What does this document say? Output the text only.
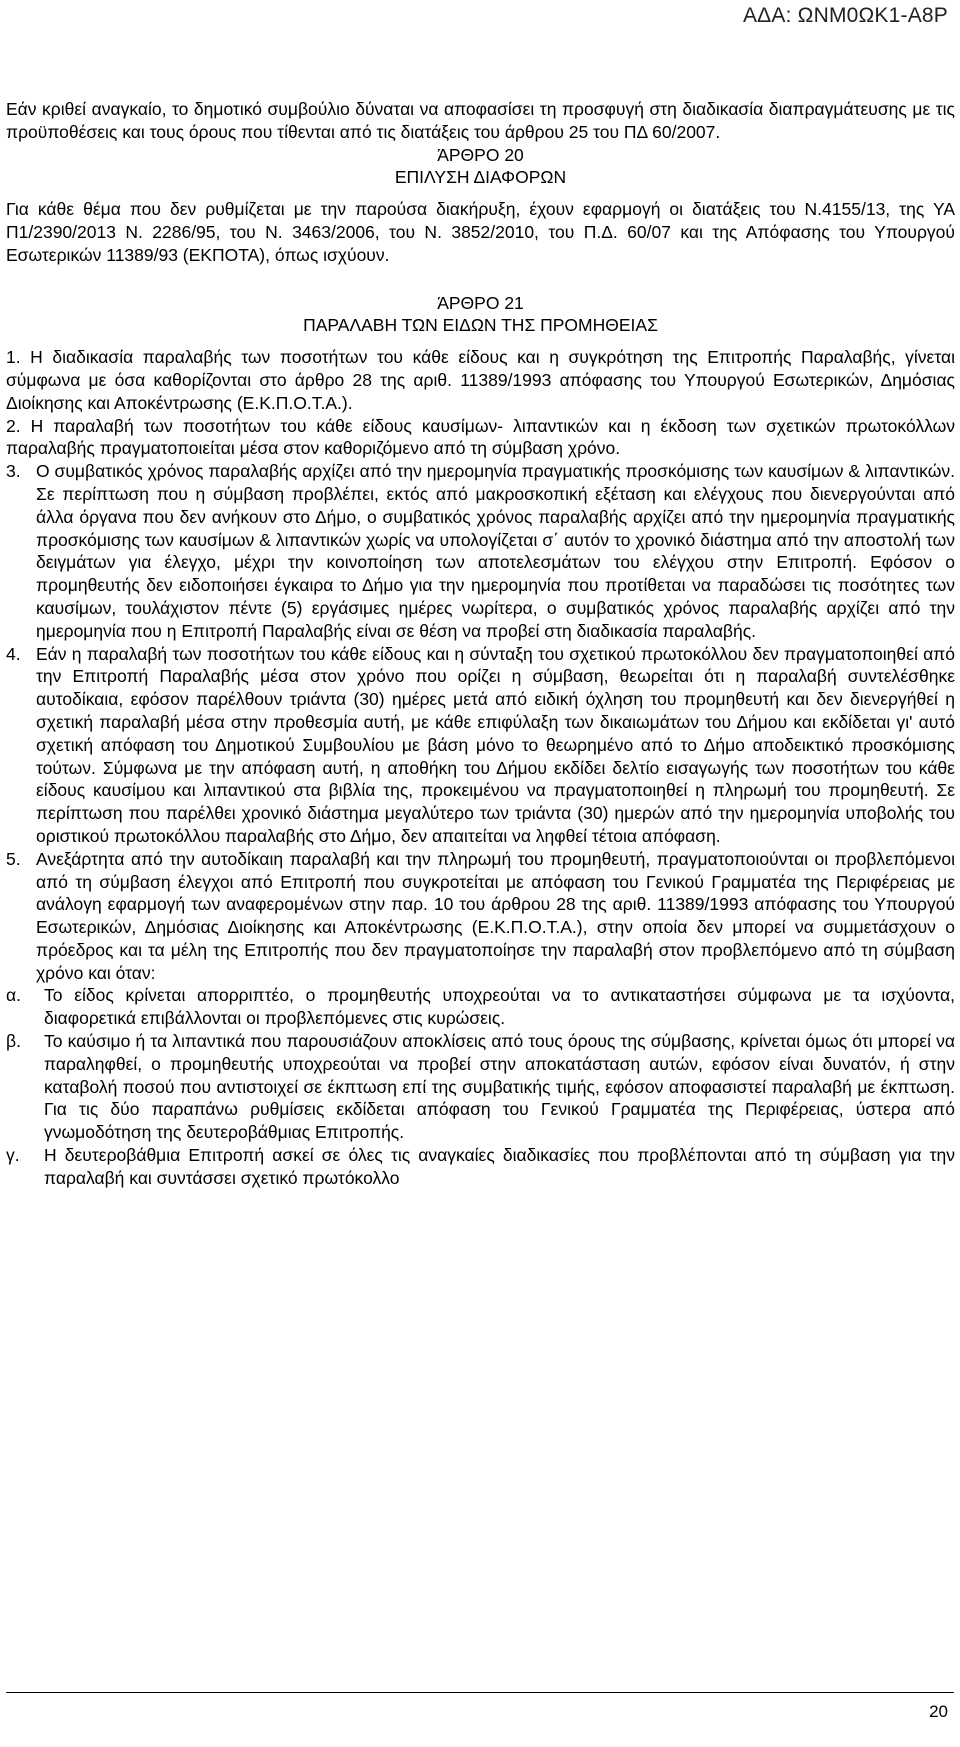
ΑΔΑ: ΩΝΜ0ΩΚ1-Α8Ρ

Εάν κριθεί αναγκαίο, το δημοτικό συμβούλιο δύναται να αποφασίσει τη προσφυγή στη διαδικασία διαπραγμάτευσης με τις προϋποθέσεις και τους όρους που τίθενται από τις διατάξεις του άρθρου 25 του ΠΔ 60/2007.

ΆΡΘΡΟ 20

ΕΠΙΛΥΣΗ ΔΙΑΦΟΡΩΝ

Για κάθε θέμα που δεν ρυθμίζεται με την παρούσα διακήρυξη, έχουν εφαρμογή οι διατάξεις του Ν.4155/13, της ΥΑ Π1/2390/2013 Ν. 2286/95, του Ν. 3463/2006, του Ν. 3852/2010, του Π.Δ. 60/07 και της Απόφασης του Υπουργού Εσωτερικών 11389/93 (ΕΚΠΟΤΑ), όπως ισχύουν.

ΆΡΘΡΟ 21

ΠΑΡΑΛΑΒΗ ΤΩΝ ΕΙΔΩΝ ΤΗΣ ΠΡΟΜΗΘΕΙΑΣ

1. Η διαδικασία παραλαβής των ποσοτήτων του κάθε είδους και η συγκρότηση της Επιτροπής Παραλαβής, γίνεται σύμφωνα με όσα καθορίζονται στο άρθρο 28 της αριθ. 11389/1993 απόφασης του Υπουργού Εσωτερικών, Δημόσιας Διοίκησης και Αποκέντρωσης (Ε.Κ.Π.Ο.Τ.Α.).

2. Η παραλαβή των ποσοτήτων του κάθε είδους καυσίμων- λιπαντικών και η έκδοση των σχετικών πρωτοκόλλων παραλαβής πραγματοποιείται μέσα στον καθοριζόμενο από τη σύμβαση χρόνο.

3. Ο συμβατικός χρόνος παραλαβής αρχίζει από την ημερομηνία πραγματικής προσκόμισης των καυσίμων & λιπαντικών. Σε περίπτωση που η σύμβαση προβλέπει, εκτός από μακροσκοπική εξέταση και ελέγχους που διενεργούνται από άλλα όργανα που δεν ανήκουν στο Δήμο, ο συμβατικός χρόνος παραλαβής αρχίζει από την ημερομηνία πραγματικής προσκόμισης των καυσίμων & λιπαντικών χωρίς να υπολογίζεται σ΄ αυτόν το χρονικό διάστημα από την αποστολή των δειγμάτων για έλεγχο, μέχρι την κοινοποίηση των αποτελεσμάτων του ελέγχου στην Επιτροπή. Εφόσον ο προμηθευτής δεν ειδοποιήσει έγκαιρα το Δήμο για την ημερομηνία που προτίθεται να παραδώσει τις ποσότητες των καυσίμων, τουλάχιστον πέντε (5) εργάσιμες ημέρες νωρίτερα, ο συμβατικός χρόνος παραλαβής αρχίζει από την ημερομηνία που η Επιτροπή Παραλαβής είναι σε θέση να προβεί στη διαδικασία παραλαβής.
4. Εάν η παραλαβή των ποσοτήτων του κάθε είδους και η σύνταξη του σχετικού πρωτοκόλλου δεν πραγματοποιηθεί από την Επιτροπή Παραλαβής μέσα στον χρόνο που ορίζει η σύμβαση, θεωρείται ότι η παραλαβή συντελέσθηκε αυτοδίκαια, εφόσον παρέλθουν τριάντα (30) ημέρες μετά από ειδική όχληση του προμηθευτή και δεν διενεργήθεί η σχετική παραλαβή μέσα στην προθεσμία αυτή, με κάθε επιφύλαξη των δικαιωμάτων του Δήμου και εκδίδεται γι' αυτό σχετική απόφαση του Δημοτικού Συμβουλίου με βάση μόνο το θεωρημένο από το Δήμο αποδεικτικό προσκόμισης τούτων. Σύμφωνα με την απόφαση αυτή, η αποθήκη του Δήμου εκδίδει δελτίο εισαγωγής των ποσοτήτων του κάθε είδους καυσίμου και λιπαντικού στα βιβλία της, προκειμένου να πραγματοποιηθεί η πληρωμή του προμηθευτή. Σε περίπτωση που παρέλθει χρονικό διάστημα μεγαλύτερο των τριάντα (30) ημερών από την ημερομηνία υποβολής του οριστικού πρωτοκόλλου παραλαβής στο Δήμο, δεν απαιτείται να ληφθεί τέτοια απόφαση.
5. Ανεξάρτητα από την αυτοδίκαιη παραλαβή και την πληρωμή του προμηθευτή, πραγματοποιούνται οι προβλεπόμενοι από τη σύμβαση έλεγχοι από Επιτροπή που συγκροτείται με απόφαση του Γενικού Γραμματέα της Περιφέρειας με ανάλογη εφαρμογή των αναφερομένων στην παρ. 10 του άρθρου 28 της αριθ. 11389/1993 απόφασης του Υπουργού Εσωτερικών, Δημόσιας Διοίκησης και Αποκέντρωσης (Ε.Κ.Π.Ο.Τ.Α.), στην οποία δεν μπορεί να συμμετάσχουν ο πρόεδρος και τα μέλη της Επιτροπής που δεν πραγματοποίησε την παραλαβή στον προβλεπόμενο από τη σύμβαση χρόνο και όταν:
α.	Το είδος κρίνεται απορριπτέο, ο προμηθευτής υποχρεούται να το αντικαταστήσει σύμφωνα με τα ισχύοντα, διαφορετικά επιβάλλονται οι προβλεπόμενες στις κυρώσεις.
β.	Το καύσιμο ή τα λιπαντικά που παρουσιάζουν αποκλίσεις από τους όρους της σύμβασης, κρίνεται όμως ότι μπορεί να παραληφθεί, ο προμηθευτής υποχρεούται να προβεί στην αποκατάσταση αυτών, εφόσον είναι δυνατόν, ή στην καταβολή ποσού που αντιστοιχεί σε έκπτωση επί της συμβατικής τιμής, εφόσον αποφασιστεί παραλαβή με έκπτωση. Για τις δύο παραπάνω ρυθμίσεις εκδίδεται απόφαση του Γενικού Γραμματέα της Περιφέρειας, ύστερα από γνωμοδότηση της δευτεροβάθμιας Επιτροπής.
γ.	Η δευτεροβάθμια Επιτροπή ασκεί σε όλες τις αναγκαίες διαδικασίες που προβλέπονται από τη σύμβαση για την παραλαβή και συντάσσει σχετικό πρωτόκολλο
20
